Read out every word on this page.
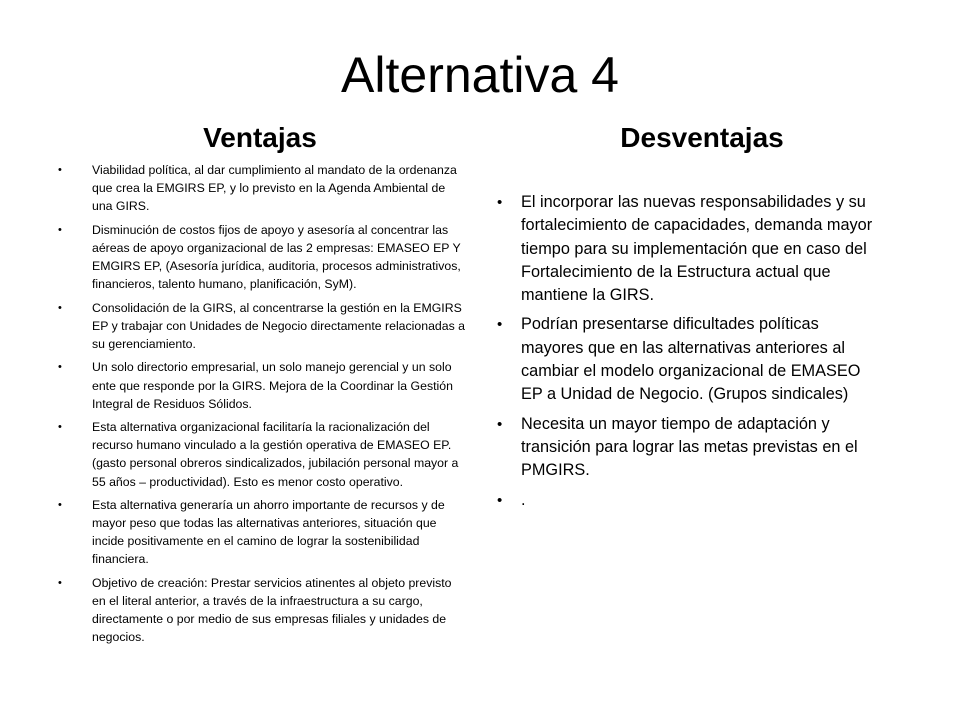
Alternativa 4
Ventajas	Desventajas
• Viabilidad política, al dar cumplimiento al mandato de la ordenanza que crea la EMGIRS EP, y lo previsto en la Agenda Ambiental de una GIRS.
• Disminución de costos fijos de apoyo y asesoría al concentrar las aéreas de apoyo organizacional de las 2 empresas: EMASEO EP Y EMGIRS EP, (Asesoría jurídica, auditoria, procesos administrativos, financieros, talento humano, planificación, SyM).
• Consolidación de la GIRS, al concentrarse la gestión en la EMGIRS EP y trabajar con Unidades de Negocio directamente relacionadas a su gerenciamiento.
• Un solo directorio empresarial, un solo manejo gerencial y un solo ente que responde por la GIRS. Mejora de la Coordinar la Gestión Integral de Residuos Sólidos.
• Esta alternativa organizacional facilitaría la racionalización del recurso humano vinculado a la gestión operativa de EMASEO EP. (gasto personal obreros sindicalizados, jubilación personal mayor a 55 años – productividad). Esto es menor costo operativo.
• Esta alternativa generaría un ahorro importante de recursos y de mayor peso que todas las alternativas anteriores, situación que incide positivamente en el camino de lograr la sostenibilidad financiera.
• Objetivo de creación: Prestar servicios atinentes al objeto previsto en el literal anterior, a través de la infraestructura a su cargo, directamente o por medio de sus empresas filiales y unidades de negocios.
• El incorporar las nuevas responsabilidades y su fortalecimiento de capacidades, demanda mayor tiempo para su implementación que en caso del Fortalecimiento de la Estructura actual que mantiene la GIRS.
• Podrían presentarse dificultades políticas mayores que en las alternativas anteriores al cambiar el modelo organizacional de EMASEO EP a Unidad de Negocio. (Grupos sindicales)
• Necesita un mayor tiempo de adaptación y transición para lograr las metas previstas en el PMGIRS.
• .
